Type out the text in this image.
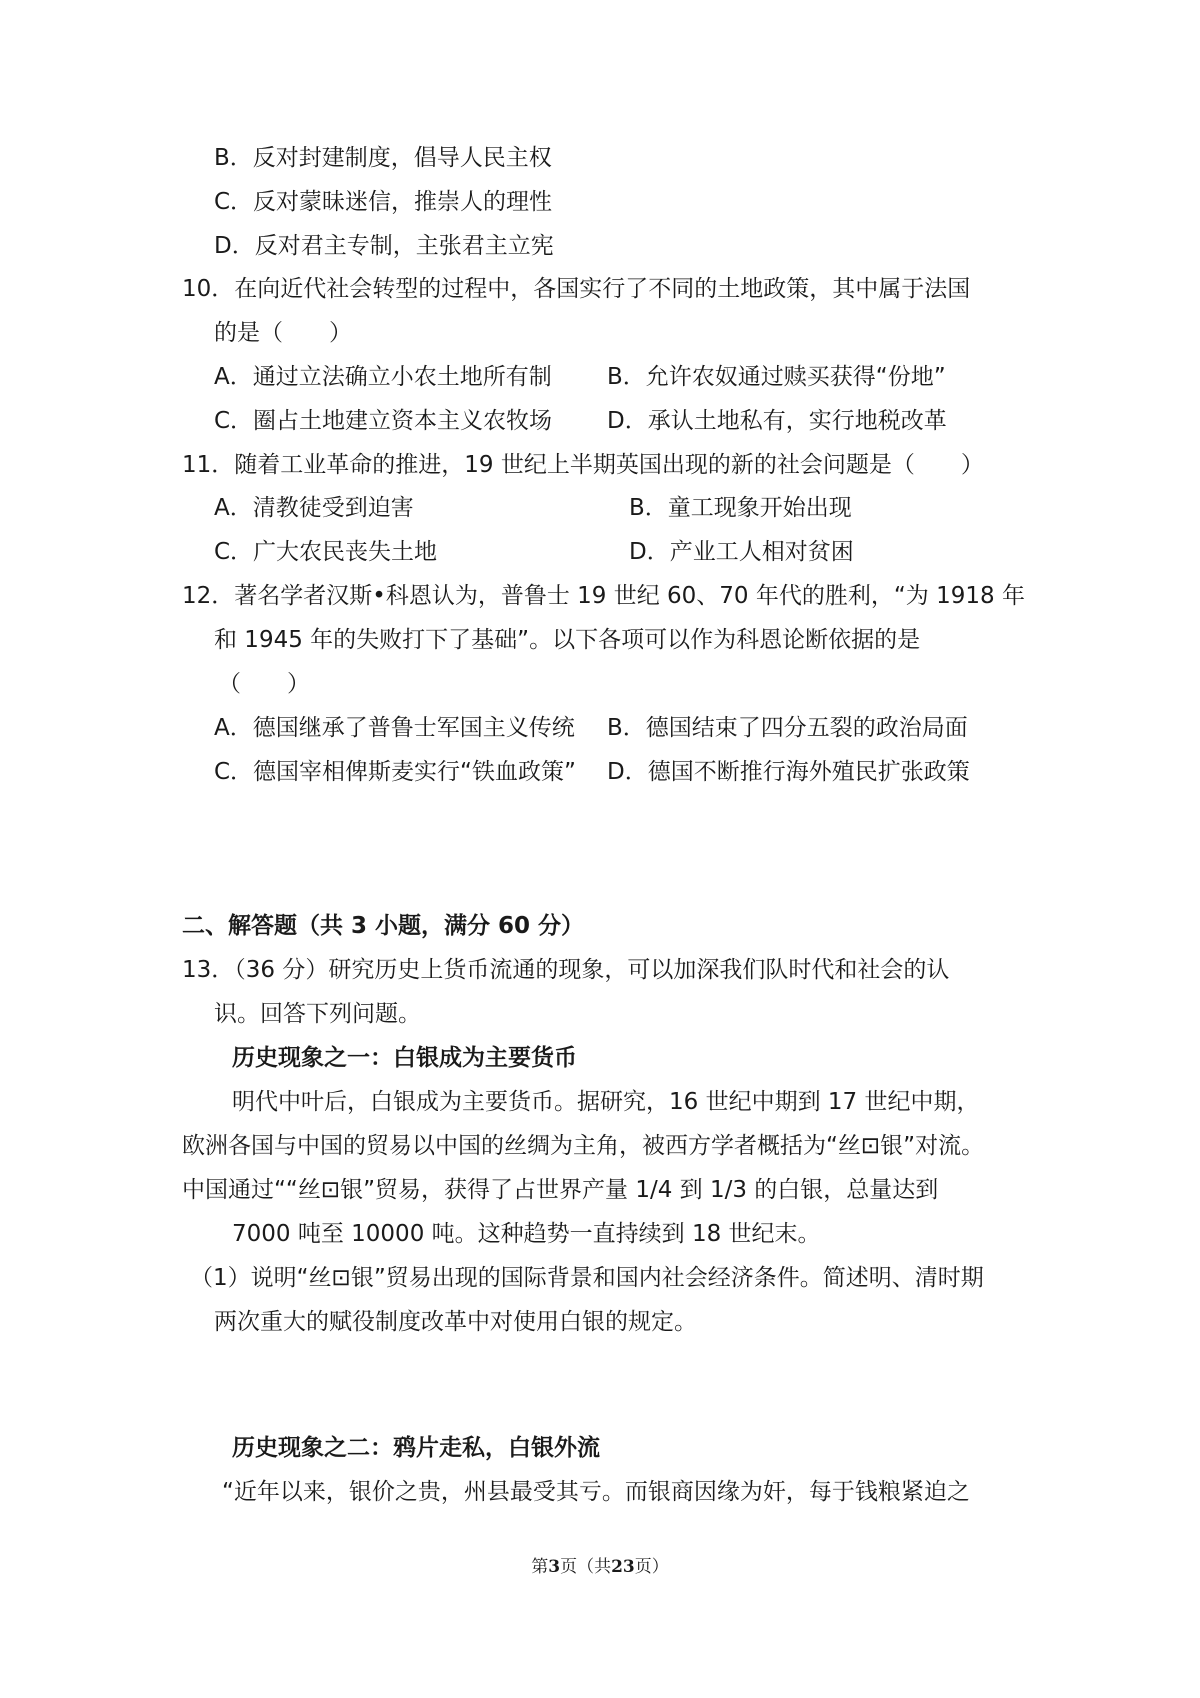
B．反对封建制度，倡导人民主权
C．反对蒙昧迷信，推崇人的理性
D．反对君主专制，主张君主立宪
10．在向近代社会转型的过程中，各国实行了不同的土地政策，其中属于法国
的是（　　）
A．通过立法确立小农土地所有制 B．允许农奴通过赎买获得“份地”
C．圈占土地建立资本主义农牧场 D．承认土地私有，实行地税改革
11．随着工业革命的推进，19 世纪上半期英国出现的新的社会问题是（　　）
A．清教徒受到迫害	B．童工现象开始出现
C．广大农民丧失土地	D．产业工人相对贫困
12．著名学者汉斯•科恩认为，普鲁士 19 世纪 60、70 年代的胜利，“为 1918 年
和 1945 年的失败打下了基础”。以下各项可以作为科恩论断依据的是
（　　）
A．德国继承了普鲁士军国主义传统 B．德国结束了四分五裂的政治局面
C．德国宰相俾斯麦实行“铁血政策” D．德国不断推行海外殖民扩张政策
二、解答题（共 3 小题，满分 60 分）
13．（36 分）研究历史上货币流通的现象，可以加深我们队时代和社会的认
识。回答下列问题。
历史现象之一：白银成为主要货币
明代中叶后，白银成为主要货币。据研究，16 世纪中期到 17 世纪中期，
欧洲各国与中国的贸易以中国的丝绸为主角，被西方学者概括为“丝⊡银”对流。
中国通过““丝⊡银”贸易，获得了占世界产量 1/4 到 1/3 的白银，总量达到
7000 吨至 10000 吨。这种趋势一直持续到 18 世纪末。
（1）说明“丝⊡银”贸易出现的国际背景和国内社会经济条件。简述明、清时期
两次重大的赋役制度改革中对使用白银的规定。
历史现象之二：鸦片走私，白银外流
“近年以来，银价之贵，州县最受其亏。而银商因缘为奸，每于钱粮紧迫之
第3页（共23页）
